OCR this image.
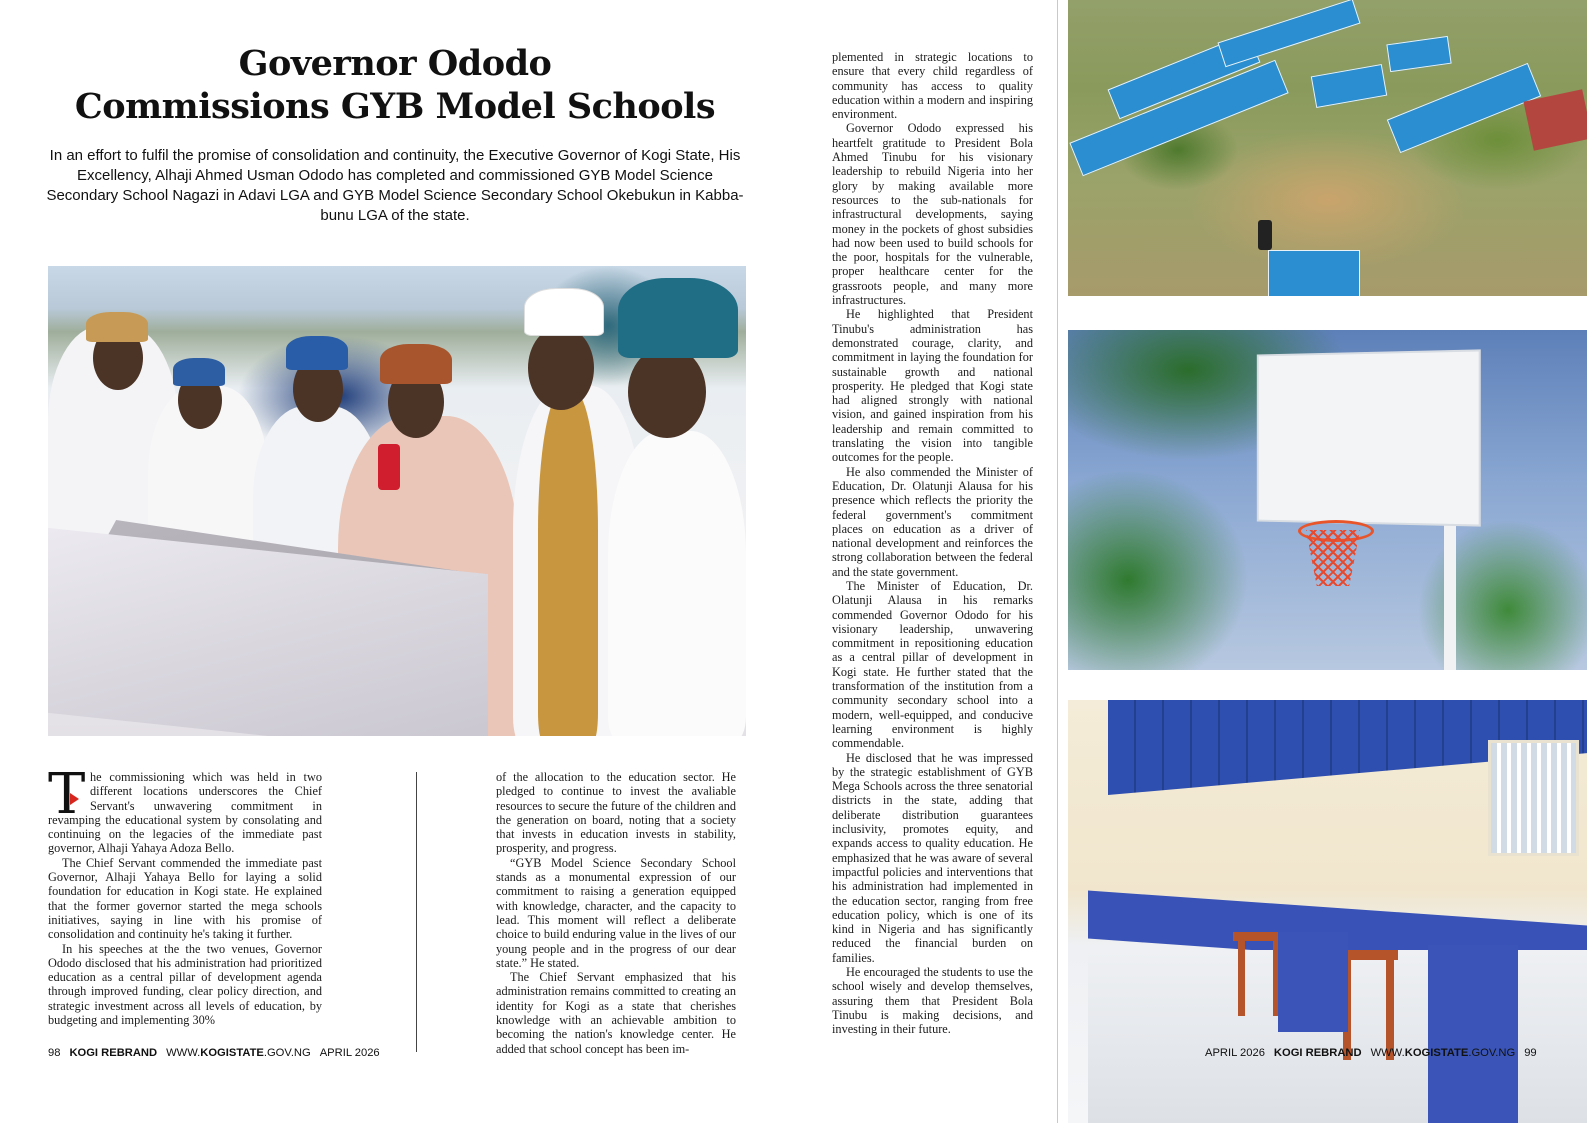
Governor Ododo
Commissions GYB Model Schools

In an effort to fulfil the promise of consolidation and continuity, the Executive Governor of Kogi State, His Excellency, Alhaji Ahmed Usman Ododo has completed and commissioned GYB Model Science Secondary School Nagazi in Adavi LGA and GYB Model Science Secondary School Okebukun in Kabba-bunu LGA of the state.

T he commissioning which was held in two different locations underscores the Chief Servant's unwavering commitment in revamping the educational system by consolating and continuing on the legacies of the immediate past governor, Alhaji Yahaya Adoza Bello.

The Chief Servant commended the immediate past Governor, Alhaji Yahaya Bello for laying a solid foundation for education in Kogi state. He explained that the former governor started the mega schools initiatives, saying in line with his promise of consolidation and continuity he's taking it further.

In his speeches at the the two venues, Governor Ododo disclosed that his administration had prioritized education as a central pillar of development agenda through improved funding, clear policy direction, and strategic investment across all levels of education, by budgeting and implementing 30%

of the allocation to the education sector. He pledged to continue to invest the avaliable resources to secure the future of the children and the generation on board, noting that a society that invests in education invests in stability, prosperity, and progress.

“GYB Model Science Secondary School stands as a monumental expression of our commitment to raising a generation equipped with knowledge, character, and the capacity to lead. This moment will reflect a deliberate choice to build enduring value in the lives of our young people and in the progress of our dear state.” He stated.

The Chief Servant emphasized that his administration remains committed to creating an identity for Kogi as a state that cherishes knowledge with an achievable ambition to becoming the nation's knowledge center. He added that school concept has been im-

plemented in strategic locations to ensure that every child regardless of community has access to quality education within a modern and inspiring environment.

Governor Ododo expressed his heartfelt gratitude to President Bola Ahmed Tinubu for his visionary leadership to rebuild Nigeria into her glory by making available more resources to the sub-nationals for infrastructural developments, saying money in the pockets of ghost subsidies had now been used to build schools for the poor, hospitals for the vulnerable, proper healthcare center for the grassroots people, and many more infrastructures.

He highlighted that President Tinubu's administration has demonstrated courage, clarity, and commitment in laying the foundation for sustainable growth and national prosperity. He pledged that Kogi state had aligned strongly with national vision, and gained inspiration from his leadership and remain committed to translating the vision into tangible outcomes for the people.

He also commended the Minister of Education, Dr. Olatunji Alausa for his presence which reflects the priority the federal government's commitment places on education as a driver of national development and reinforces the strong collaboration between the federal and the state government.

The Minister of Education, Dr. Olatunji Alausa in his remarks commended Governor Ododo for his visionary leadership, unwavering commitment in repositioning education as a central pillar of development in Kogi state. He further stated that the transformation of the institution from a community secondary school into a modern, well-equipped, and conducive learning environment is highly commendable.

He disclosed that he was impressed by the strategic establishment of GYB Mega Schools across the three senatorial districts in the state, adding that deliberate distribution guarantees inclusivity, promotes equity, and expands access to quality education. He emphasized that he was aware of several impactful policies and interventions that his administration had implemented in the education sector, ranging from free education policy, which is one of its kind in Nigeria and has significantly reduced the financial burden on families.

He encouraged the students to use the school wisely and develop themselves, assuring them that President Bola Tinubu is making decisions, and investing in their future.

98 KOGI REBRAND WWW.KOGISTATE.GOV.NG APRIL 2026	APRIL 2026 KOGI REBRAND WWW.KOGISTATE.GOV.NG 99
